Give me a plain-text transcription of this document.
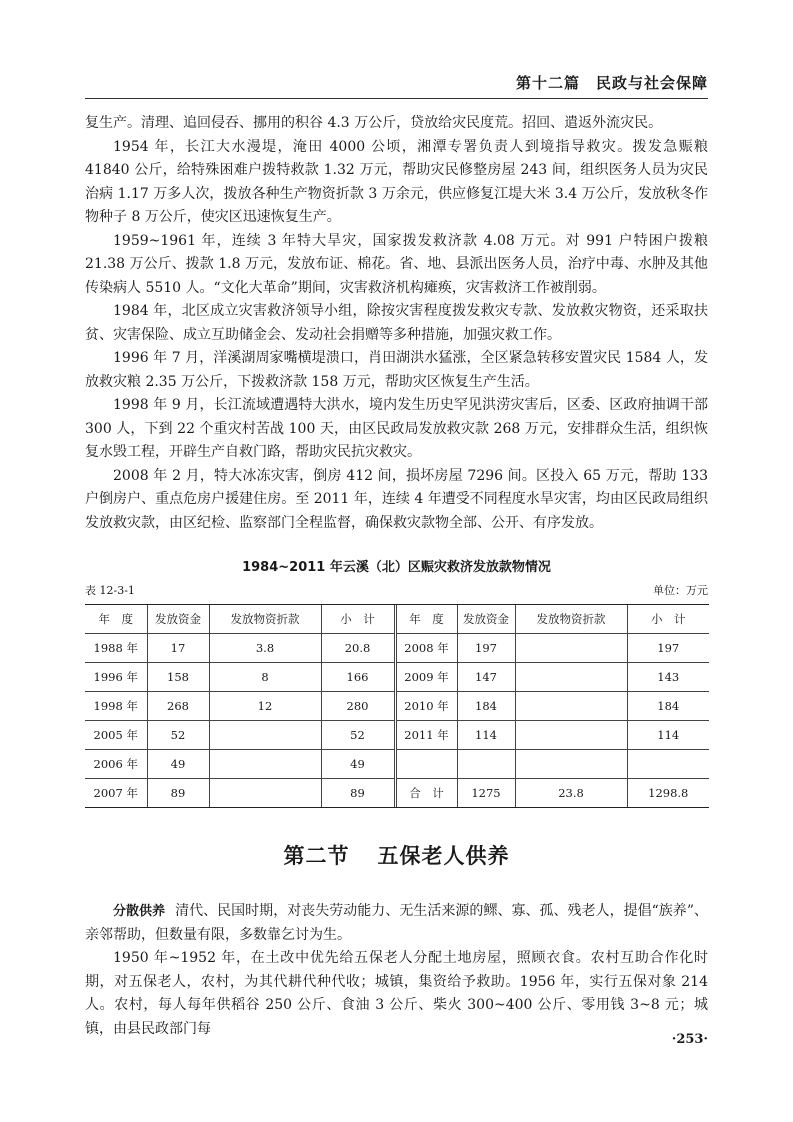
第十二篇　民政与社会保障

复生产。清理、追回侵吞、挪用的积谷 4.3 万公斤，贷放给灾民度荒。招回、遣返外流灾民。

1954 年，长江大水漫堤，淹田 4000 公顷，湘潭专署负责人到境指导救灾。拨发急赈粮 41840 公斤，给特殊困难户拨特救款 1.32 万元，帮助灾民修整房屋 243 间，组织医务人员为灾民治病 1.17 万多人次，拨放各种生产物资折款 3 万余元，供应修复江堤大米 3.4 万公斤，发放秋冬作物种子 8 万公斤，使灾区迅速恢复生产。

1959~1961 年，连续 3 年特大旱灾，国家拨发救济款 4.08 万元。对 991 户特困户拨粮 21.38 万公斤、拨款 1.8 万元，发放布证、棉花。省、地、县派出医务人员，治疗中毒、水肿及其他传染病人 5510 人。“文化大革命”期间，灾害救济机构瘫痪，灾害救济工作被削弱。

1984 年，北区成立灾害救济领导小组，除按灾害程度拨发救灾专款、发放救灾物资，还采取扶贫、灾害保险、成立互助储金会、发动社会捐赠等多种措施，加强灾救工作。

1996 年 7 月，洋溪湖周家嘴横堤溃口，肖田湖洪水猛涨，全区紧急转移安置灾民 1584 人，发放救灾粮 2.35 万公斤，下拨救济款 158 万元，帮助灾区恢复生产生活。

1998 年 9 月，长江流域遭遇特大洪水，境内发生历史罕见洪涝灾害后，区委、区政府抽调干部 300 人，下到 22 个重灾村苦战 100 天，由区民政局发放救灾款 268 万元，安排群众生活，组织恢复水毁工程，开辟生产自救门路，帮助灾民抗灾救灾。

2008 年 2 月，特大冰冻灾害，倒房 412 间，损坏房屋 7296 间。区投入 65 万元，帮助 133 户倒房户、重点危房户援建住房。至 2011 年，连续 4 年遭受不同程度水旱灾害，均由区民政局组织发放救灾款，由区纪检、监察部门全程监督，确保救灾款物全部、公开、有序发放。

1984~2011 年云溪（北）区赈灾救济发放款物情况
表 12-3-1	单位：万元
年　度	发放资金	发放物资折款	小　计	年　度	发放资金	发放物资折款	小　计
1988 年	17	3.8	20.8	2008 年	197		197
1996 年	158	8	166	2009 年	147		143
1998 年	268	12	280	2010 年	184		184
2005 年	52		52	2011 年	114		114
2006 年	49		49				
2007 年	89		89	合　计	1275	23.8	1298.8
第二节 五保老人供养

分散供养 清代、民国时期，对丧失劳动能力、无生活来源的鳏、寡、孤、残老人，提倡“族养”、亲邻帮助，但数量有限，多数靠乞讨为生。

1950 年~1952 年，在土改中优先给五保老人分配土地房屋，照顾衣食。农村互助合作化时期，对五保老人，农村，为其代耕代种代收；城镇，集资给予救助。1956 年，实行五保对象 214 人。农村，每人每年供稻谷 250 公斤、食油 3 公斤、柴火 300~400 公斤、零用钱 3~8 元；城镇，由县民政部门每

·253·
